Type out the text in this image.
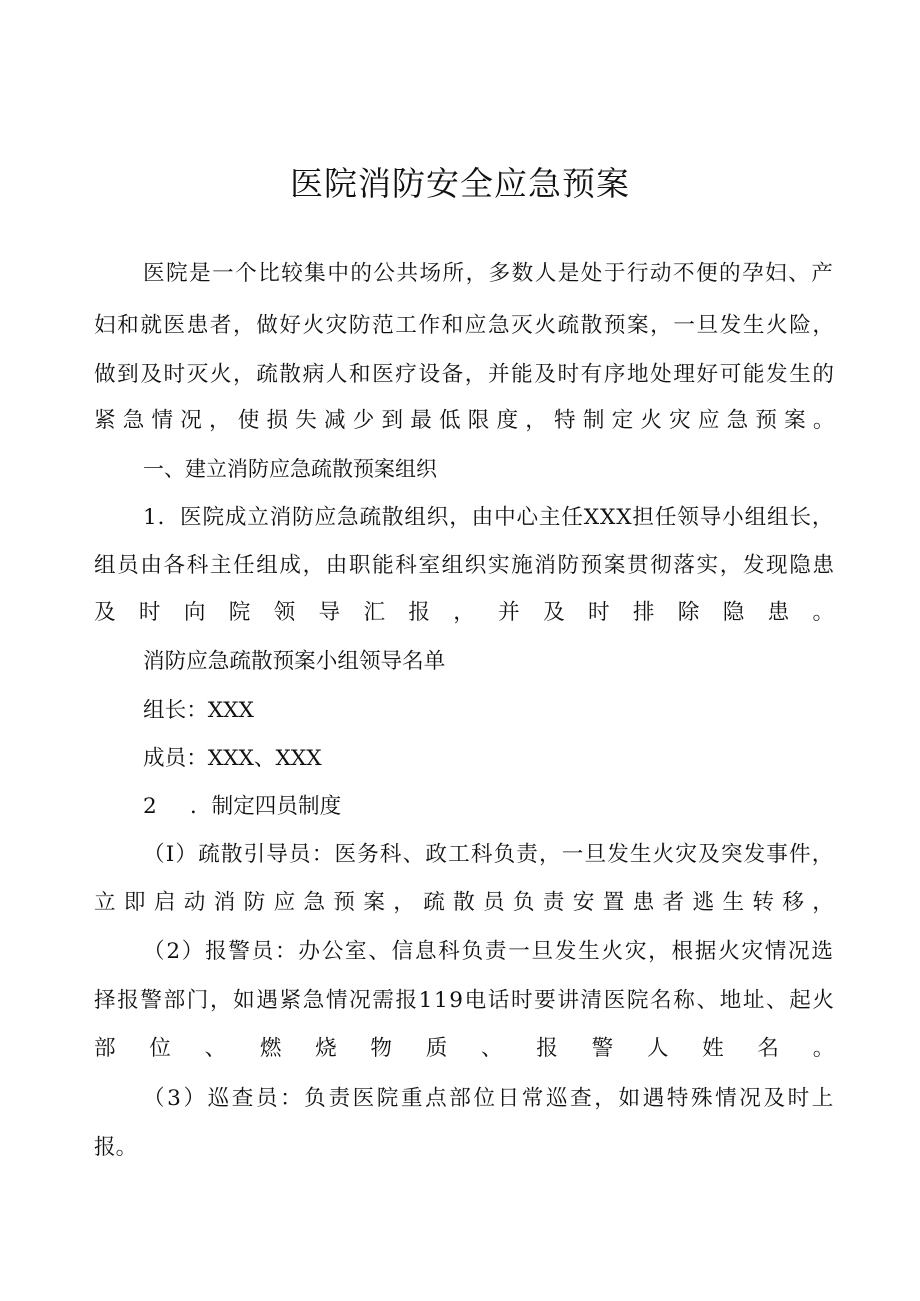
医院消防安全应急预案
医院是一个比较集中的公共场所，多数人是处于行动不便的孕妇、产
妇和就医患者，做好火灾防范工作和应急灭火疏散预案，一旦发生火险，
做到及时灭火，疏散病人和医疗设备，并能及时有序地处理好可能发生的
紧急情况，使损失减少到最低限度，特制定火灾应急预案。
一、建立消防应急疏散预案组织
1．医院成立消防应急疏散组织，由中心主任XXX担任领导小组组长，
组员由各科主任组成，由职能科室组织实施消防预案贯彻落实，发现隐患
及时向院领导汇报，并及时排除隐患。
消防应急疏散预案小组领导名单
组长：XXX
成员：XXX、XXX
2 ．制定四员制度
（I）疏散引导员：医务科、政工科负责，一旦发生火灾及突发事件，
立即启动消防应急预案，疏散员负责安置患者逃生转移，
（2）报警员：办公室、信息科负责一旦发生火灾，根据火灾情况选
择报警部门，如遇紧急情况需报119电话时要讲清医院名称、地址、起火
部位、燃烧物质、报警人姓名。
（3）巡查员：负责医院重点部位日常巡查，如遇特殊情况及时上
报。
